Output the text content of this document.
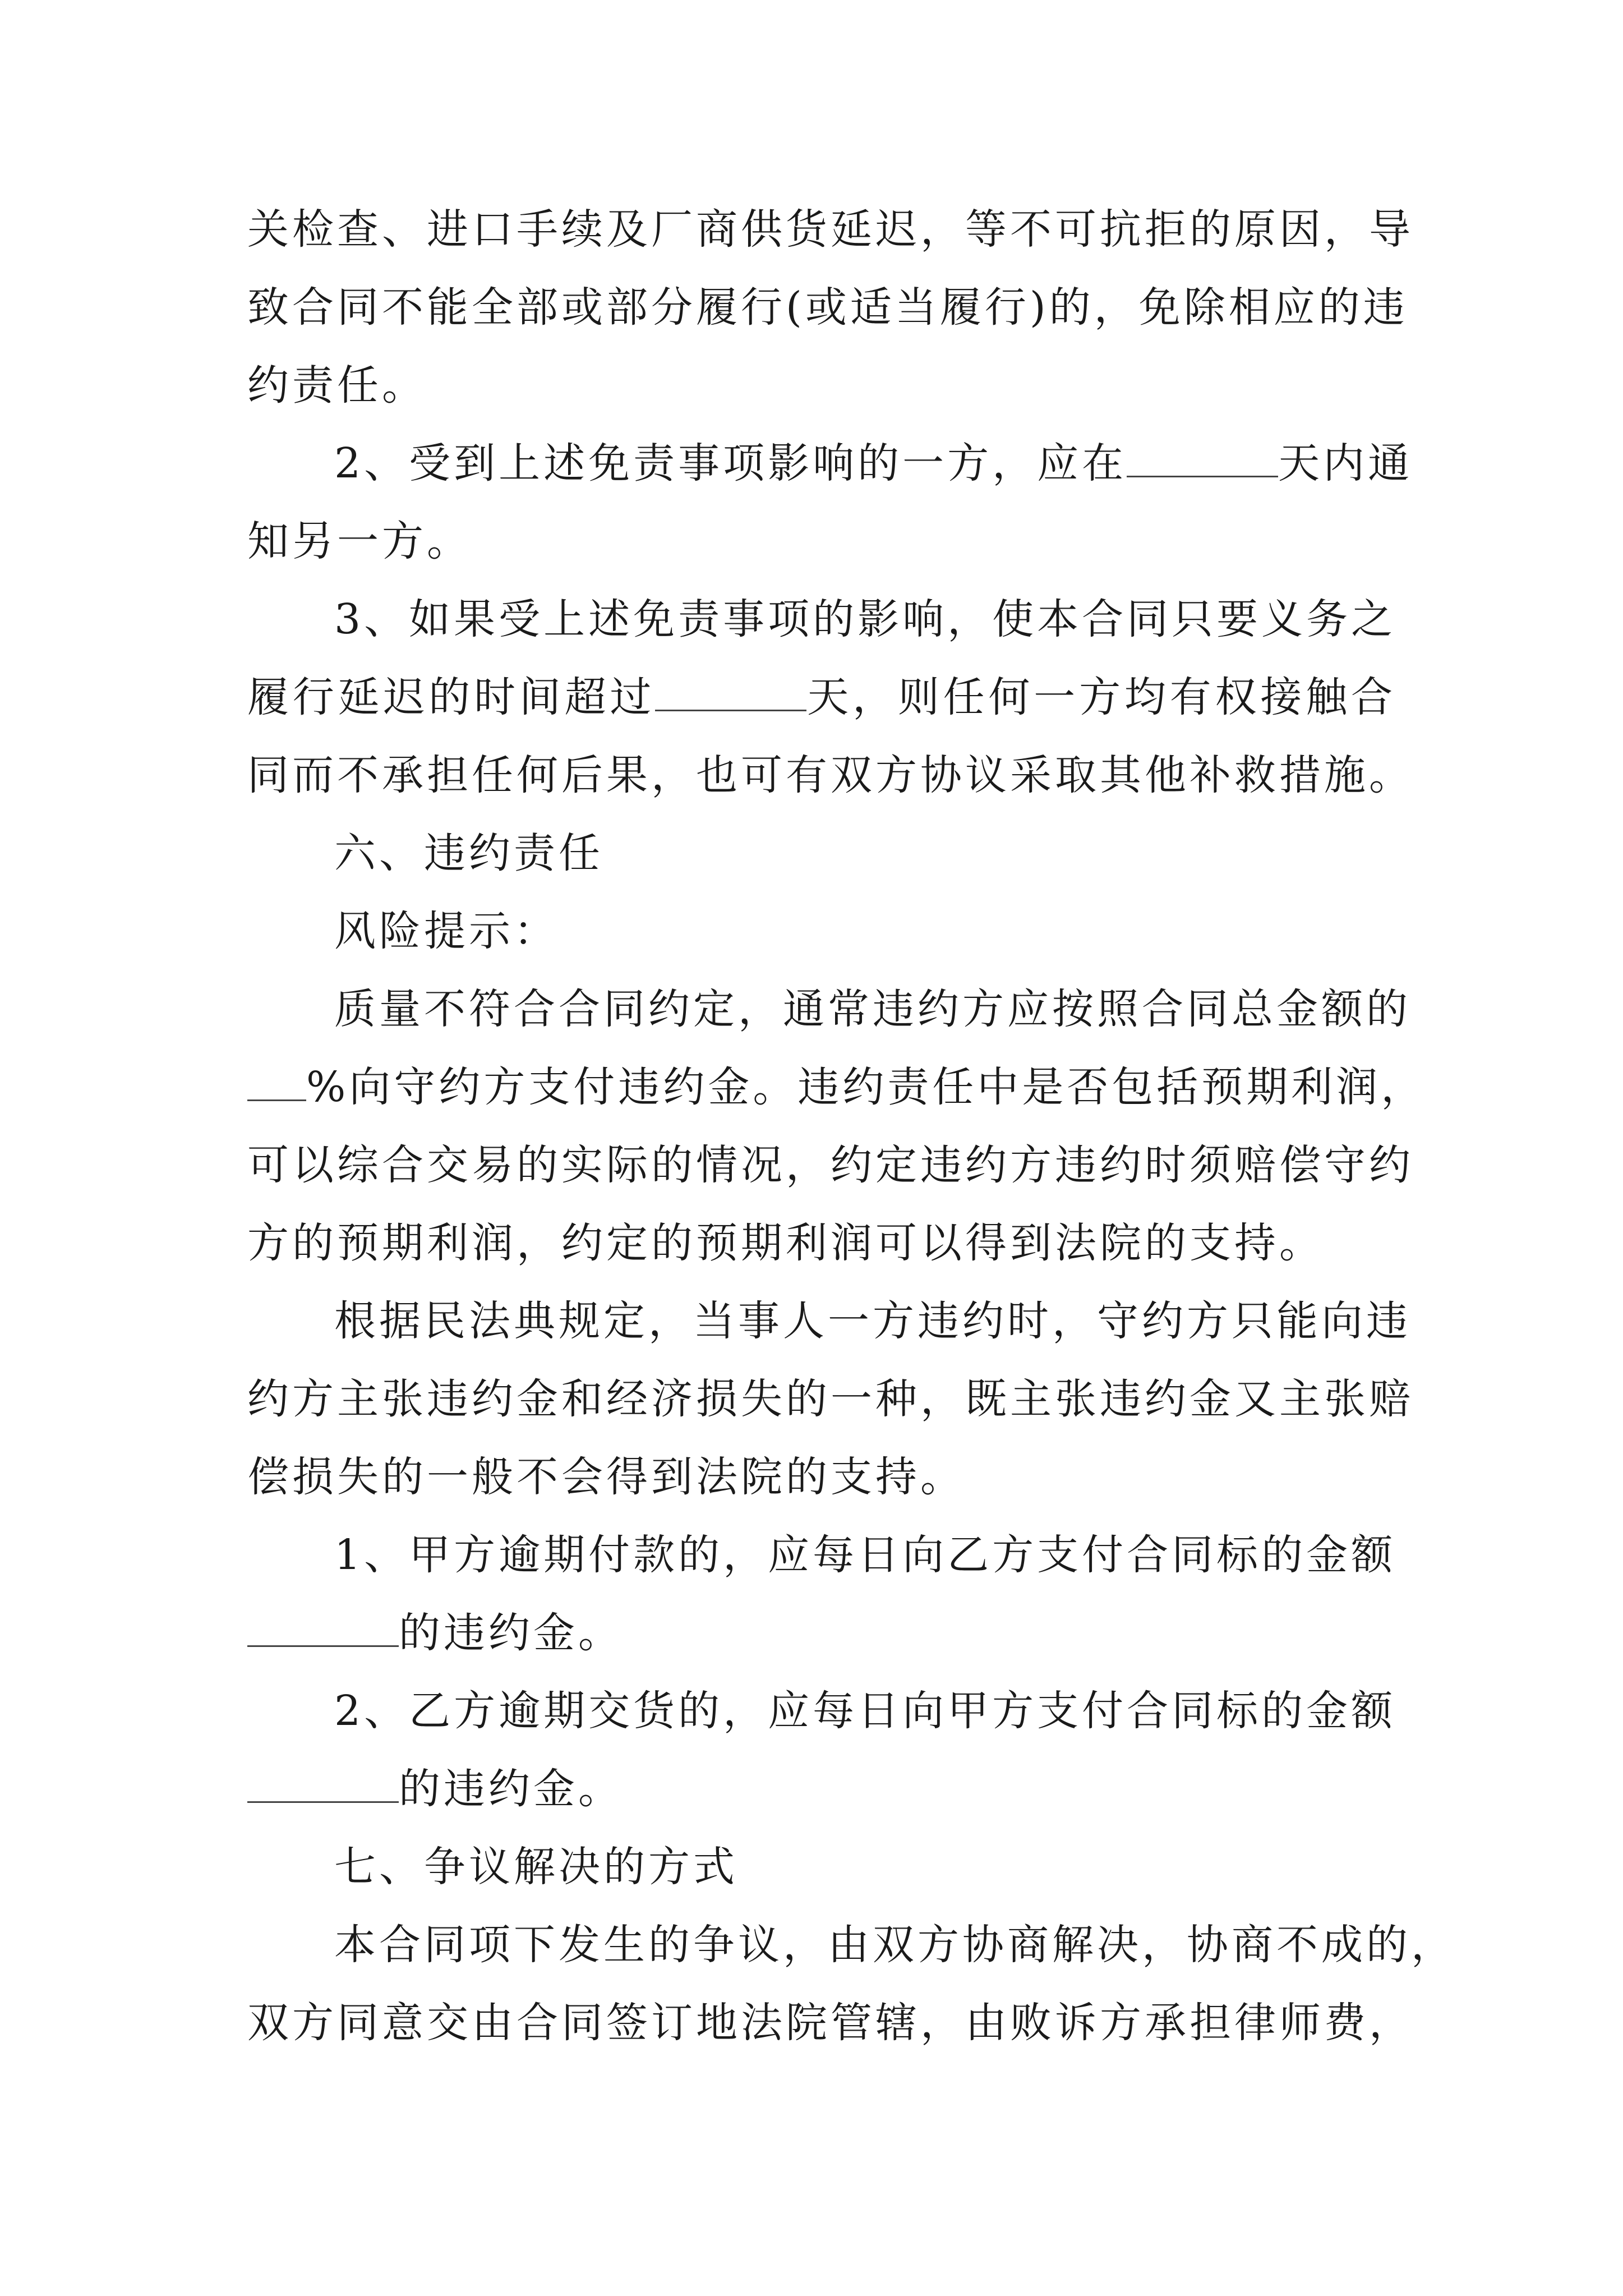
关检查、进口手续及厂商供货延迟，等不可抗拒的原因，导
致合同不能全部或部分履行(或适当履行)的，免除相应的违
约责任。
2、受到上述免责事项影响的一方，应在	天内通
知另一方。
3、如果受上述免责事项的影响，使本合同只要义务之
履行延迟的时间超过	天，则任何一方均有权接触合
同而不承担任何后果，也可有双方协议采取其他补救措施。
六、违约责任
风险提示：
质量不符合合同约定，通常违约方应按照合同总金额的
%向守约方支付违约金。违约责任中是否包括预期利润，
可以综合交易的实际的情况，约定违约方违约时须赔偿守约
方的预期利润，约定的预期利润可以得到法院的支持。
根据民法典规定，当事人一方违约时，守约方只能向违
约方主张违约金和经济损失的一种，既主张违约金又主张赔
偿损失的一般不会得到法院的支持。
1、甲方逾期付款的，应每日向乙方支付合同标的金额
的违约金。
2、乙方逾期交货的，应每日向甲方支付合同标的金额
的违约金。
七、争议解决的方式
本合同项下发生的争议，由双方协商解决，协商不成的，
双方同意交由合同签订地法院管辖，由败诉方承担律师费，
